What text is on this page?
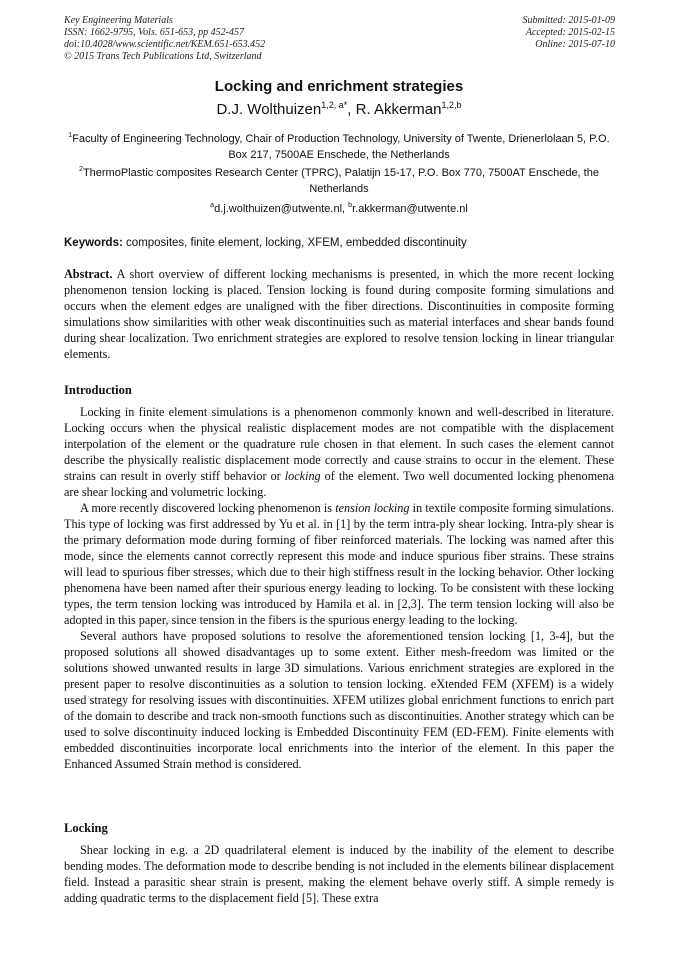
Key Engineering Materials
ISSN: 1662-9795, Vols. 651-653, pp 452-457
doi:10.4028/www.scientific.net/KEM.651-653.452
© 2015 Trans Tech Publications Ltd, Switzerland
Submitted: 2015-01-09
Accepted: 2015-02-15
Online: 2015-07-10
Locking and enrichment strategies
D.J. Wolthuizen$^{1,2, a*}$, R. Akkerman$^{1,2,b}$
$^1$Faculty of Engineering Technology, Chair of Production Technology, University of Twente, Drienerlolaan 5, P.O. Box 217, 7500AE Enschede, the Netherlands
$^2$ThermoPlastic composites Research Center (TPRC), Palatijn 15-17, P.O. Box 770, 7500AT Enschede, the Netherlands
$^a$d.j.wolthuizen@utwente.nl, $^b$r.akkerman@utwente.nl
Keywords: composites, finite element, locking, XFEM, embedded discontinuity
Abstract. A short overview of different locking mechanisms is presented, in which the more recent locking phenomenon tension locking is placed. Tension locking is found during composite forming simulations and occurs when the element edges are unaligned with the fiber directions. Discontinuities in composite forming simulations show similarities with other weak discontinuities such as material interfaces and shear bands found during shear localization. Two enrichment strategies are explored to resolve tension locking in linear triangular elements.
Introduction

Locking in finite element simulations is a phenomenon commonly known and well-described in literature. Locking occurs when the physical realistic displacement modes are not compatible with the displacement interpolation of the element or the quadrature rule chosen in that element. In such cases the element cannot describe the physically realistic displacement mode correctly and cause strains to occur in the element. These strains can result in overly stiff behavior or locking of the element. Two well documented locking phenomena are shear locking and volumetric locking.

A more recently discovered locking phenomenon is tension locking in textile composite forming simulations. This type of locking was first addressed by Yu et al. in [1] by the term intra-ply shear locking. Intra-ply shear is the primary deformation mode during forming of fiber reinforced materials. The locking was named after this mode, since the elements cannot correctly represent this mode and induce spurious fiber strains. These strains will lead to spurious fiber stresses, which due to their high stiffness result in the locking behavior. Other locking phenomena have been named after their spurious energy leading to locking. To be consistent with these locking types, the term tension locking was introduced by Hamila et al. in [2,3]. The term tension locking will also be adopted in this paper, since tension in the fibers is the spurious energy leading to the locking.

Several authors have proposed solutions to resolve the aforementioned tension locking [1, 3-4], but the proposed solutions all showed disadvantages up to some extent. Either mesh-freedom was limited or the solutions showed unwanted results in large 3D simulations. Various enrichment strategies are explored in the present paper to resolve discontinuities as a solution to tension locking. eXtended FEM (XFEM) is a widely used strategy for resolving issues with discontinuities. XFEM utilizes global enrichment functions to enrich part of the domain to describe and track non-smooth functions such as discontinuities. Another strategy which can be used to solve discontinuity induced locking is Embedded Discontinuity FEM (ED-FEM). Finite elements with embedded discontinuities incorporate local enrichments into the interior of the element. In this paper the Enhanced Assumed Strain method is considered.

Locking

Shear locking in e.g. a 2D quadrilateral element is induced by the inability of the element to describe bending modes. The deformation mode to describe bending is not included in the elements bilinear displacement field. Instead a parasitic shear strain is present, making the element behave overly stiff. A simple remedy is adding quadratic terms to the displacement field [5]. These extra
